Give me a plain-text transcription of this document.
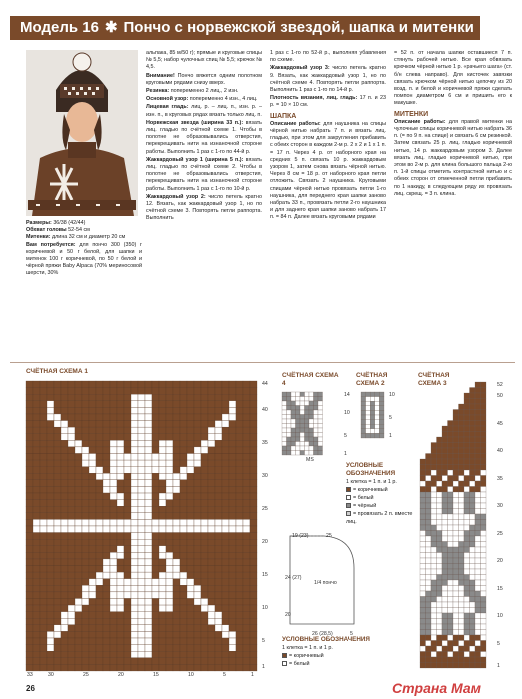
Модель 16 ✱ Пончо с норвежской звездой, шапка и митенки

Размеры: 36/38 (42/44)

Обхват головы 52-54 см

Митенки: длина 32 см и диаметр 20 см

Вам потребуется: для пончо 300 (350) г коричневой и 50 г белой, для шапки и митенок 100 г коричневой, по 50 г белой и чёрной пряжи Baby Alpaca (70% мериносовой шерсти, 30%

альпака, 85 м/50 г); прямые и круговые спицы № 5,5; набор чулочных спиц № 5,5; крючок № 4,5.

Внимание! Пончо вяжется одним полотном круговыми рядами снизу вверх.

Резинка: попеременно 2 лиц., 2 изн.

Основной узор: попеременно 4 изн., 4 лиц.

Лицевая гладь: лиц. р. – лиц. п., изн. р. – изн. п., в круговых рядах вязать только лиц. п.

Норвежская звезда (ширина 33 п.): вязать лиц. гладью по счётной схеме 1. Чтобы в полотне не образовывались отверстия, перекрещивать нити на изнаночной стороне работы. Выполнить 1 раз с 1-го по 44-й р.

Жаккардовый узор 1 (ширина 5 п.): вязать лиц. гладью по счётной схеме 2. Чтобы в полотне не образовывались отверстия, перекрещивать нити на изнаночной стороне работы. Выполнить 1 раз с 1-го по 10-й р.

Жаккардовый узор 2: число петель кратно 12. Вязать, как жаккардовый узор 1, но по счётной схеме 3. Повторять петли раппорта. Выполнить

1 раз с 1-го по 52-й р., выполняя убавления по схеме.

Жаккардовый узор 3: число петель кратно 9. Вязать, как жаккардовый узор 1, но по счётной схеме 4. Повторять петли раппорта. Выполнить 1 раз с 1-го по 14-й р.

Плотность вязания, лиц. гладь: 17 п. и 23 р. = 10 × 10 см.

ШАПКА

Описание работы: для наушника на спицы чёрной нитью набрать 7 п. и вязать лиц. гладью, при этом для закругления прибавить с обеих сторон в каждом 2-м р. 2 х 2 и 1 х 1 п. = 17 п. Через 4 р. от наборного края на средних 5 п. связать 10 р. жаккардовым узором 1, затем снова вязать чёрной нитью. Через 8 см = 18 р. от наборного края петли отложить. Связать 2 наушника. Круговыми спицами чёрной нитью провязать петли 1-го наушника, для переднего края шапки заново набрать 33 п., провязать петли 2-го наушника и для заднего края шапки заново набрать 17 п. = 84 п. Далее вязать круговыми рядами

= 52 п. от начала шапки оставшиеся 7 п. стянуть рабочей нитью. Все края обвязать крючком чёрной нитью 1 р. «рачьего шага» (ст. б/н слева направо). Для кисточек завязки связать крючком чёрной нитью цепочку из 20 возд. п. и белой и коричневой пряжи сделать помпон диаметром 6 см и пришить его к макушке.

МИТЕНКИ

Описание работы: для правой митенки на чулочные спицы коричневой нитью набрать 36 п. (= по 9 п. на спице) и связать 6 см резинкой. Затем связать 25 р. лиц. гладью коричневой нитью, 14 р. жаккардовым узором 3. Далее вязать лиц. гладью коричневой нитью, при этом во 2-м р. для клина большого пальца 2-ю п. 1-й спицы отметить контрастной нитью и с обеих сторон от отмеченной петли прибавить по 1 накиду, в следующем ряду их провязать лиц. скрещ. = 3 п. клина.

СЧЁТНАЯ СХЕМА 1
СЧЁТНАЯ СХЕМА 4
СЧЁТНАЯ СХЕМА 2
СЧЁТНАЯ СХЕМА 3
MS
44
40
35
30
25
20
15
10
5
1
33	30	25	20	15	10	5	1
10
5
1
14
10
5
1
52
50
45
40
35
30
25
20
15
10
5
1
УСЛОВНЫЕ ОБОЗНАЧЕНИЯ
1 клетка = 1 п. и 1 р.
= коричневый
= белый
= чёрный
= провязать 2 п. вместе лиц.
19 (23)	25
24 (27)
20
26 (28,5)	5
1/4 пончо
УСЛОВНЫЕ ОБОЗНАЧЕНИЯ
1 клетка = 1 п. и 1 р.
= коричневый
= белый
26	Страна Мам
